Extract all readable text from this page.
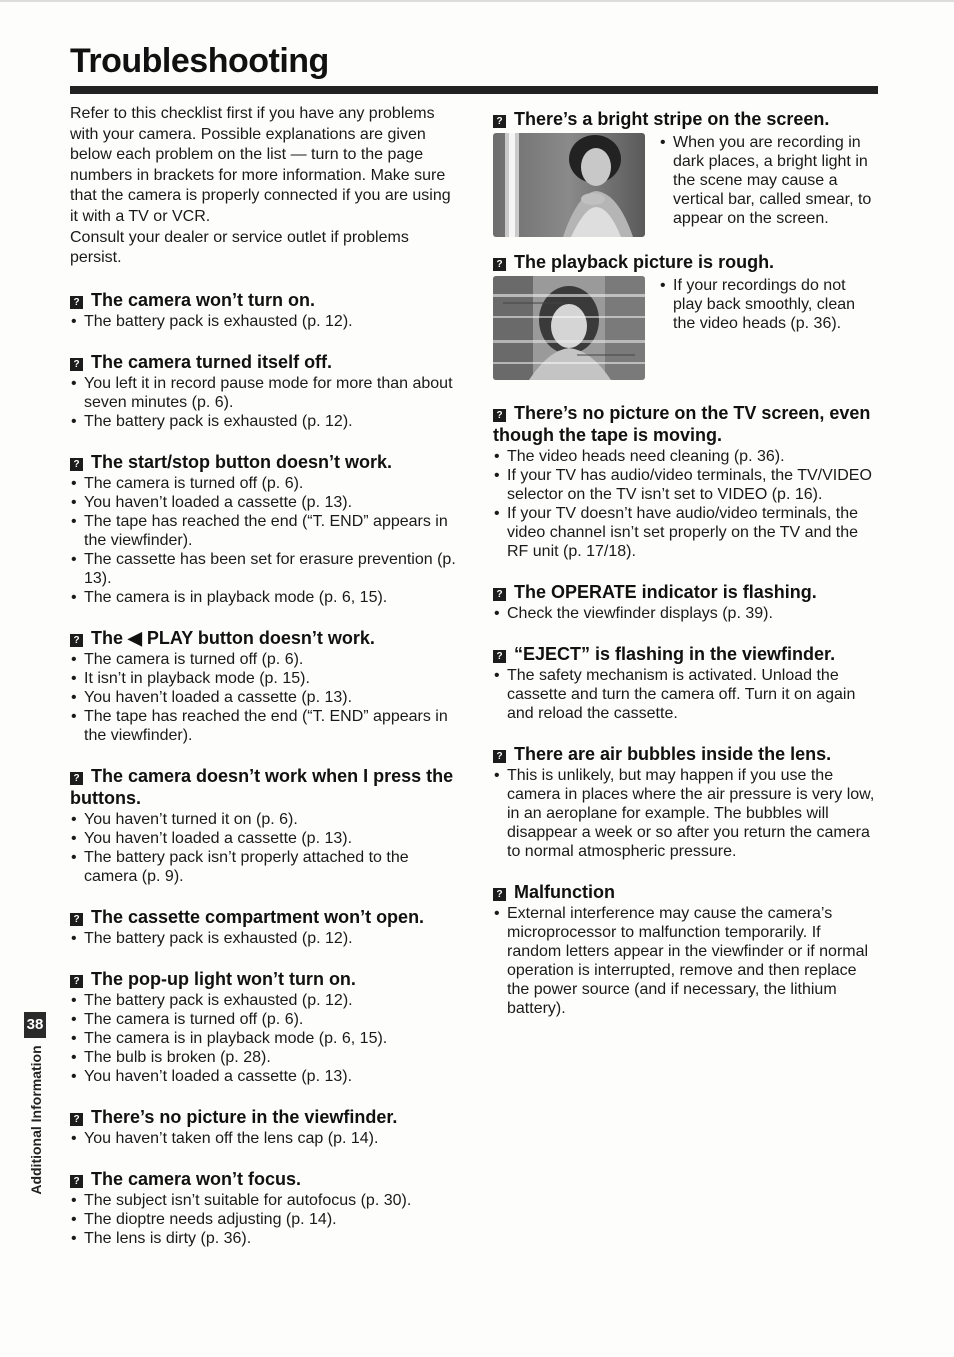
Troubleshooting

Refer to this checklist first if you have any problems with your camera. Possible explanations are given below each problem on the list — turn to the page numbers in brackets for more information. Make sure that the camera is properly connected if you are using it with a TV or VCR.

Consult your dealer or service outlet if problems persist.

? The camera won’t turn on.
• The battery pack is exhausted (p. 12).
? The camera turned itself off.
• You left it in record pause mode for more than about seven minutes (p. 6).
• The battery pack is exhausted (p. 12).
? The start/stop button doesn’t work.
• The camera is turned off (p. 6).
• You haven’t loaded a cassette (p. 13).
• The tape has reached the end (“T. END” appears in the viewfinder).
• The cassette has been set for erasure prevention (p. 13).
• The camera is in playback mode (p. 6, 15).
? The ◀ PLAY button doesn’t work.
• The camera is turned off (p. 6).
• It isn’t in playback mode (p. 15).
• You haven’t loaded a cassette (p. 13).
• The tape has reached the end (“T. END” appears in the viewfinder).
? The camera doesn’t work when I press the buttons.
• You haven’t turned it on (p. 6).
• You haven’t loaded a cassette (p. 13).
• The battery pack isn’t properly attached to the camera (p. 9).
? The cassette compartment won’t open.
• The battery pack is exhausted (p. 12).
? The pop-up light won’t turn on.
• The battery pack is exhausted (p. 12).
• The camera is turned off (p. 6).
• The camera is in playback mode (p. 6, 15).
• The bulb is broken (p. 28).
• You haven’t loaded a cassette (p. 13).
? There’s no picture in the viewfinder.
• You haven’t taken off the lens cap (p. 14).
? The camera won’t focus.
• The subject isn’t suitable for autofocus (p. 30).
• The dioptre needs adjusting (p. 14).
• The lens is dirty (p. 36).
? There’s a bright stripe on the screen.
• When you are recording in dark places, a bright light in the scene may cause a vertical bar, called smear, to appear on the screen.
? The playback picture is rough.
• If your recordings do not play back smoothly, clean the video heads (p. 36).
? There’s no picture on the TV screen, even though the tape is moving.
• The video heads need cleaning (p. 36).
• If your TV has audio/video terminals, the TV/VIDEO selector on the TV isn’t set to VIDEO (p. 16).
• If your TV doesn’t have audio/video terminals, the video channel isn’t set properly on the TV and the RF unit (p. 17/18).
? The OPERATE indicator is flashing.
• Check the viewfinder displays (p. 39).
? “EJECT” is flashing in the viewfinder.
• The safety mechanism is activated. Unload the cassette and turn the camera off. Turn it on again and reload the cassette.
? There are air bubbles inside the lens.
• This is unlikely, but may happen if you use the camera in places where the air pressure is very low, in an aeroplane for example. The bubbles will disappear a week or so after you return the camera to normal atmospheric pressure.
? Malfunction
• External interference may cause the camera’s microprocessor to malfunction temporarily. If random letters appear in the viewfinder or if normal operation is interrupted, remove and then replace the power source (and if necessary, the lithium battery).
38
Additional Information
